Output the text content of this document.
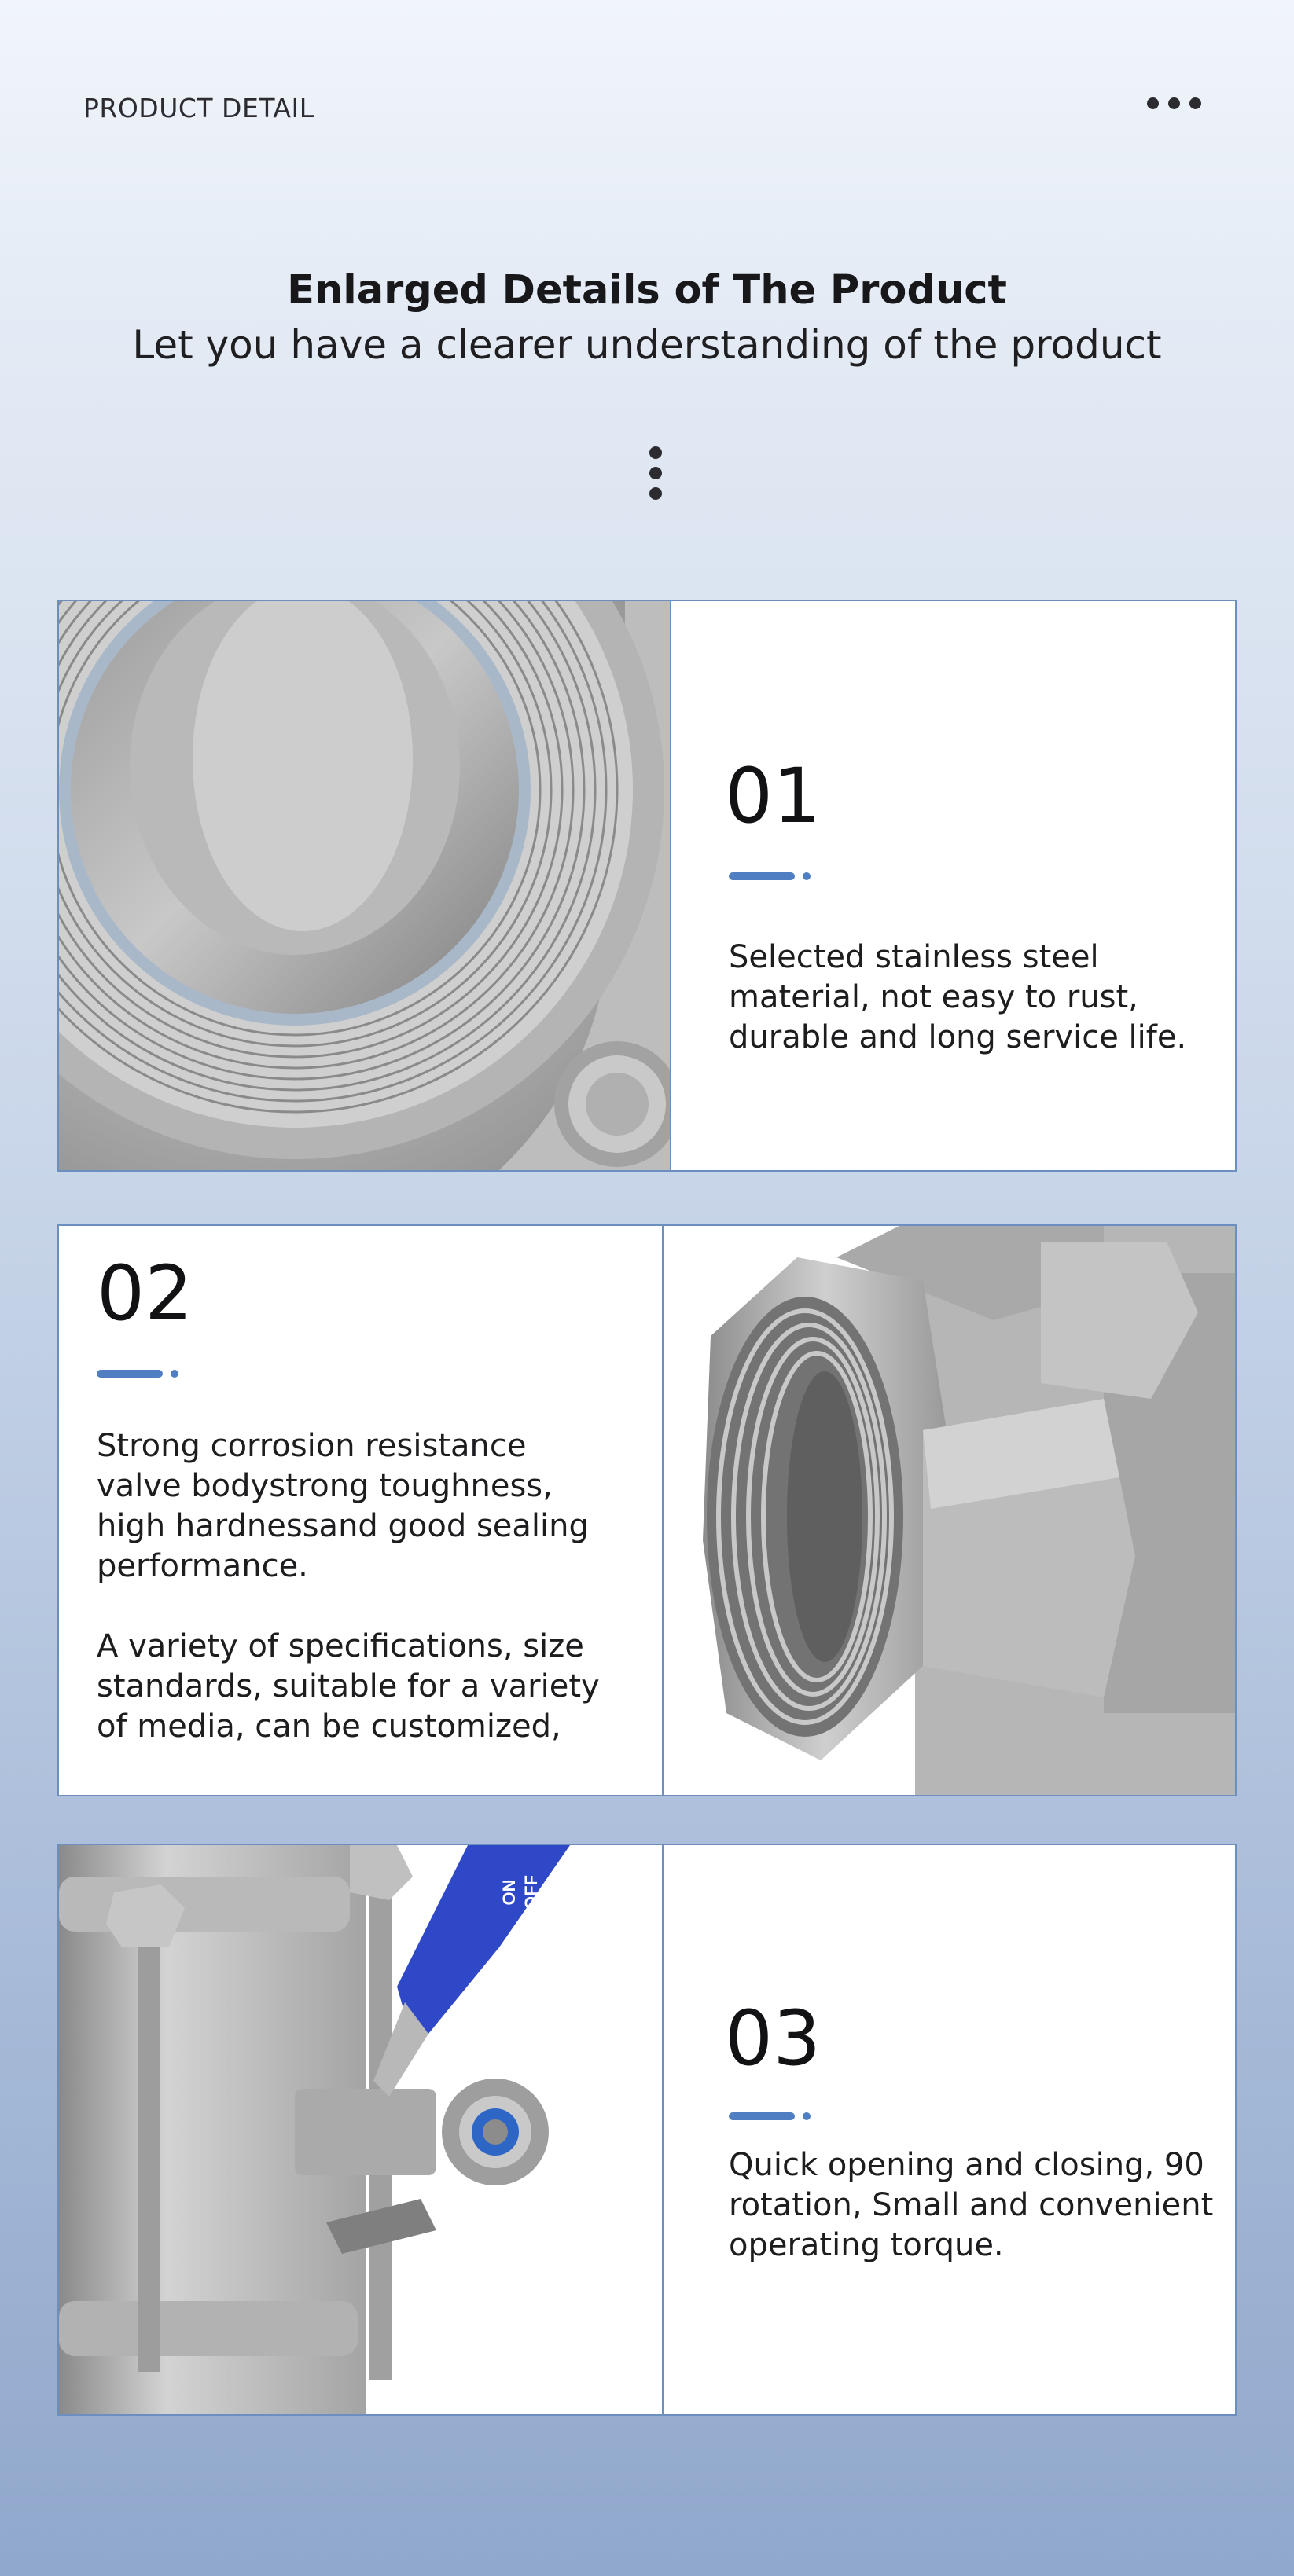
PRODUCT DETAIL
Enlarged Details of The Product
Let you have a clearer understanding of the product
01

Selected stainless steel material, not easy to rust, durable and long service life.

02

Strong corrosion resistance valve bodystrong toughness, high hardnessand good sealing performance.

A variety of specifications, size standards, suitable for a variety of media, can be customized,

ON OFF
03

Quick opening and closing, 90 rotation, Small and convenient operating torque.
